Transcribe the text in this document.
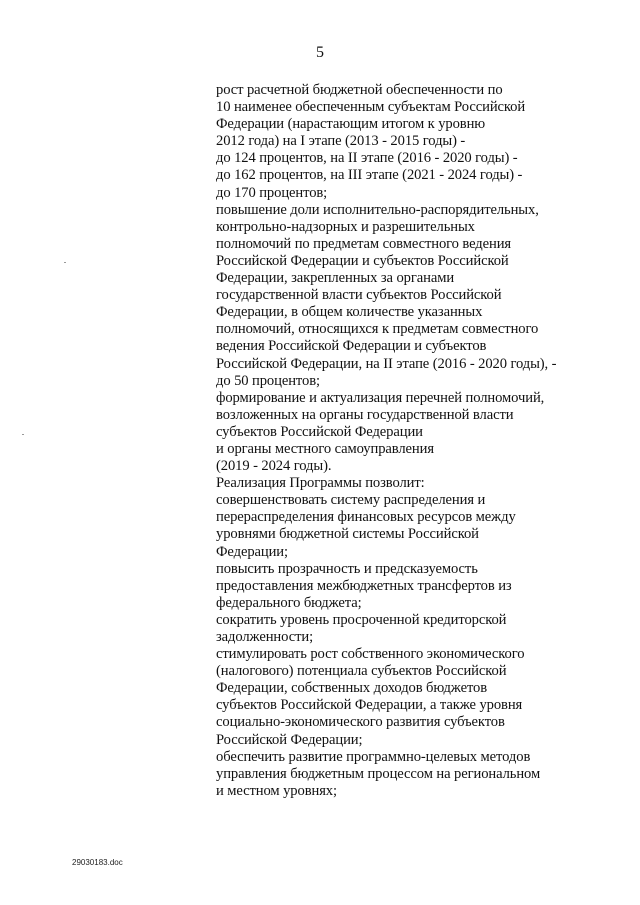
5
рост расчетной бюджетной обеспеченности по
10 наименее обеспеченным субъектам Российской
Федерации (нарастающим итогом к уровню
2012 года) на I этапе (2013 - 2015 годы) -
до 124 процентов, на II этапе (2016 - 2020 годы) -
до 162 процентов, на III этапе (2021 - 2024 годы) -
до 170 процентов;
повышение доли исполнительно-распорядительных,
контрольно-надзорных и разрешительных
полномочий по предметам совместного ведения
Российской Федерации и субъектов Российской
Федерации, закрепленных за органами
государственной власти субъектов Российской
Федерации, в общем количестве указанных
полномочий, относящихся к предметам совместного
ведения Российской Федерации и субъектов
Российской Федерации, на II этапе (2016 - 2020 годы), -
до 50 процентов;
формирование и актуализация перечней полномочий,
возложенных на органы государственной власти
субъектов Российской Федерации
и органы местного самоуправления
(2019 - 2024 годы).
Реализация Программы позволит:
совершенствовать систему распределения и
перераспределения финансовых ресурсов между
уровнями бюджетной системы Российской
Федерации;
повысить прозрачность и предсказуемость
предоставления межбюджетных трансфертов из
федерального бюджета;
сократить уровень просроченной кредиторской
задолженности;
стимулировать рост собственного экономического
(налогового) потенциала субъектов Российской
Федерации, собственных доходов бюджетов
субъектов Российской Федерации, а также уровня
социально-экономического развития субъектов
Российской Федерации;
обеспечить развитие программно-целевых методов
управления бюджетным процессом на региональном
и местном уровнях;
29030183.doc
